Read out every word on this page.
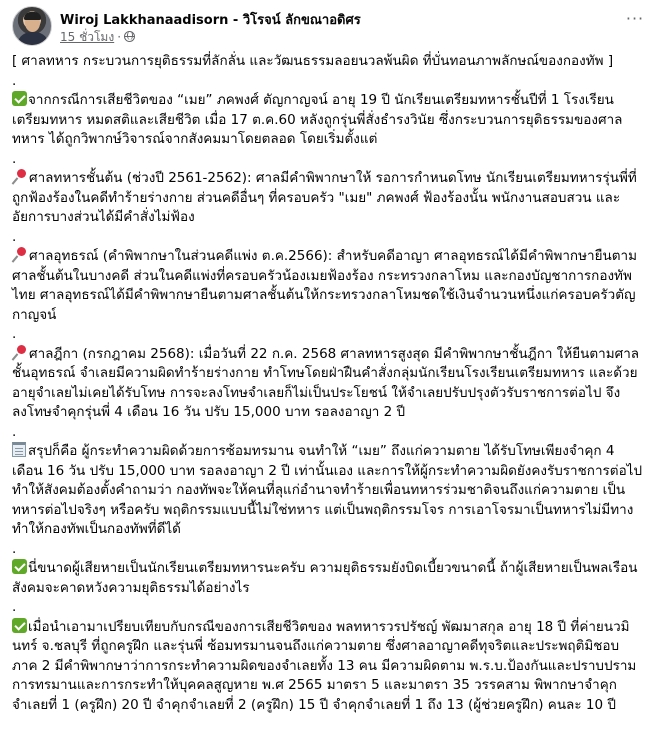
Wiroj Lakkhanaadisorn - วิโรจน์ ลักขณาอดิศร
15 ชั่วโมง ·
···
[ ศาลทหาร กระบวนการยุติธรรมที่ลักลั่น และวัฒนธรรมลอยนวลพ้นผิด ที่บั่นทอนภาพลักษณ์ของกองทัพ ]
.
จากกรณีการเสียชีวิตของ “เมย” ภคพงศ์ ตัญกาญจน์ อายุ 19 ปี นักเรียนเตรียมทหารชั้นปีที่ 1 โรงเรียน
เตรียมทหาร หมดสติและเสียชีวิต เมื่อ 17 ต.ค.60 หลังถูกรุ่นพี่สั่งธำรงวินัย ซึ่งกระบวนการยุติธรรมของศาล
ทหาร ได้ถูกวิพากษ์วิจารณ์จากสังคมมาโดยตลอด โดยเริ่มตั้งแต่
.
ศาลทหารชั้นต้น (ช่วงปี 2561-2562): ศาลมีคำพิพากษาให้ รอการกำหนดโทษ นักเรียนเตรียมทหารรุ่นพี่ที่
ถูกฟ้องร้องในคดีทำร้ายร่างกาย ส่วนคดีอื่นๆ ที่ครอบครัว "เมย" ภคพงศ์ ฟ้องร้องนั้น พนักงานสอบสวน และ
อัยการบางส่วนได้มีคำสั่งไม่ฟ้อง
.
ศาลอุทธรณ์ (คำพิพากษาในส่วนคดีแพ่ง ต.ค.2566): สำหรับคดีอาญา ศาลอุทธรณ์ได้มีคำพิพากษายืนตาม
ศาลชั้นต้นในบางคดี ส่วนในคดีแพ่งที่ครอบครัวน้องเมยฟ้องร้อง กระทรวงกลาโหม และกองบัญชาการกองทัพ
ไทย ศาลอุทธรณ์ได้มีคำพิพากษายืนตามศาลชั้นต้นให้กระทรวงกลาโหมชดใช้เงินจำนวนหนึ่งแก่ครอบครัวตัญ
กาญจน์
.
ศาลฎีกา (กรกฎาคม 2568): เมื่อวันที่ 22 ก.ค. 2568 ศาลทหารสูงสุด มีคำพิพากษาชั้นฎีกา ให้ยืนตามศาล
ชั้นอุทธรณ์ จำเลยมีความผิดทำร้ายร่างกาย ทำโทษโดยฝ่าฝืนคำสั่งกลุ่มนักเรียนโรงเรียนเตรียมทหาร และด้วย
อายุจำเลยไม่เคยได้รับโทษ การจะลงโทษจำเลยก็ไม่เป็นประโยชน์ ให้จำเลยปรับปรุงตัวรับราชการต่อไป จึง
ลงโทษจำคุกรุ่นพี่ 4 เดือน 16 วัน ปรับ 15,000 บาท รอลงอาญา 2 ปี
.
สรุปก็คือ ผู้กระทำความผิดด้วยการซ้อมทรมาน จนทำให้ “เมย” ถึงแก่ความตาย ได้รับโทษเพียงจำคุก 4
เดือน 16 วัน ปรับ 15,000 บาท รอลงอาญา 2 ปี เท่านั้นเอง และการให้ผู้กระทำความผิดยังคงรับราชการต่อไป
ทำให้สังคมต้องตั้งคำถามว่า กองทัพจะให้คนที่ลุแก่อำนาจทำร้ายเพื่อนทหารร่วมชาติจนถึงแก่ความตาย เป็น
ทหารต่อไปจริงๆ หรือครับ พฤติกรรมแบบนี้ไม่ใช่ทหาร แต่เป็นพฤติกรรมโจร การเอาโจรมาเป็นทหารไม่มีทาง
ทำให้กองทัพเป็นกองทัพที่ดีได้
.
นี่ขนาดผู้เสียหายเป็นนักเรียนเตรียมทหารนะครับ ความยุติธรรมยังบิดเบี้ยวขนาดนี้ ถ้าผู้เสียหายเป็นพลเรือน
สังคมจะคาดหวังความยุติธรรมได้อย่างไร
.
เมื่อนำเอามาเปรียบเทียบกับกรณีของการเสียชีวิตของ พลทหารวรปรัชญ์ พัฒมาสกุล อายุ 18 ปี ที่ค่ายนวมิ
นทร์ จ.ชลบุรี ที่ถูกครูฝึก และรุ่นพี่ ซ้อมทรมานจนถึงแก่ความตาย ซึ่งศาลอาญาคดีทุจริตและประพฤติมิชอบ
ภาค 2 มีคำพิพากษาว่าการกระทำความผิดของจำเลยทั้ง 13 คน มีความผิดตาม พ.ร.บ.ป้องกันและปราบปราม
การทรมานและการกระทำให้บุคคลสูญหาย พ.ศ 2565 มาตรา 5 และมาตรา 35 วรรคสาม พิพากษาจำคุก
จำเลยที่ 1 (ครูฝึก) 20 ปี จำคุกจำเลยที่ 2 (ครูฝึก) 15 ปี จำคุกจำเลยที่ 1 ถึง 13 (ผู้ช่วยครูฝึก) คนละ 10 ปี
